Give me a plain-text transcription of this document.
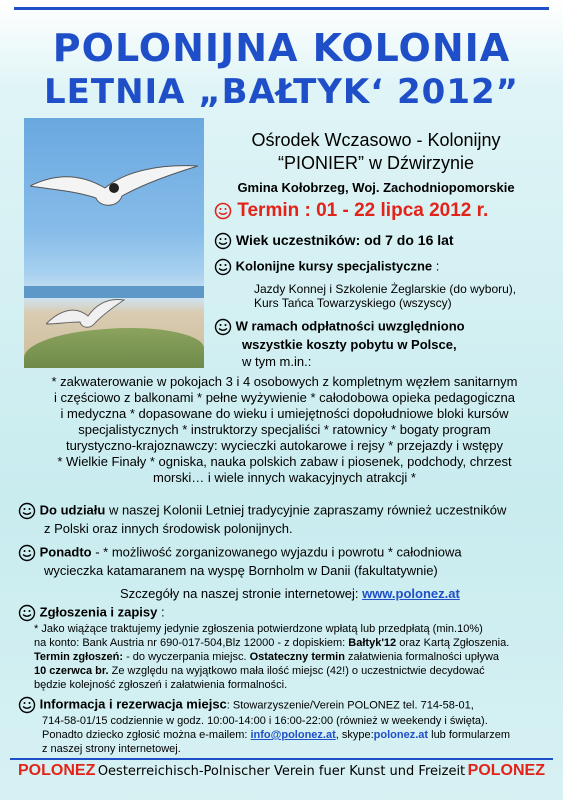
POLONIJNA KOLONIA
LETNIA „BAŁTYK‘ 2012”
Ośrodek Wczasowo - Kolonijny
“PIONIER” w Dźwirzynie
Gmina Kołobrzeg, Woj. Zachodniopomorskie
Termin : 01 - 22 lipca 2012 r.
Wiek uczestników: od 7 do 16 lat
Kolonijne kursy specjalistyczne :
Jazdy Konnej i Szkolenie Żeglarskie (do wyboru),
Kurs Tańca Towarzyskiego (wszyscy)
W ramach odpłatności uwzględniono
wszystkie koszty pobytu w Polsce,
w tym m.in.:
* zakwaterowanie w pokojach 3 i 4 osobowych z kompletnym węzłem sanitarnym
i częściowo z balkonami * pełne wyżywienie * całodobowa opieka pedagogiczna
i medyczna * dopasowane do wieku i umiejętności dopołudniowe bloki kursów
specjalistycznych * instruktorzy specjaliści * ratownicy * bogaty program
turystyczno-krajoznawczy: wycieczki autokarowe i rejsy * przejazdy i wstępy
* Wielkie Finały * ogniska, nauka polskich zabaw i piosenek, podchody, chrzest
morski… i wiele innych wakacyjnych atrakcji *
Do udziału w naszej Kolonii Letniej tradycyjnie zapraszamy również uczestników
z Polski oraz innych środowisk polonijnych.
Ponadto - * możliwość zorganizowanego wyjazdu i powrotu * całodniowa
wycieczka katamaranem na wyspę Bornholm w Danii (fakultatywnie)
Szczegóły na naszej stronie internetowej: www.polonez.at
Zgłoszenia i zapisy :
* Jako wiążące traktujemy jedynie zgłoszenia potwierdzone wpłatą lub przedpłatą (min.10%)
na konto: Bank Austria nr 690-017-504,Blz 12000 - z dopiskiem: Bałtyk'12 oraz Kartą Zgłoszenia.
Termin zgłoszeń: - do wyczerpania miejsc. Ostateczny termin załatwienia formalności upływa
10 czerwca br. Ze względu na wyjątkowo mała ilość miejsc (42!) o uczestnictwie decydować
będzie kolejność zgłoszeń i załatwienia formalności.
Informacja i rezerwacja miejsc: Stowarzyszenie/Verein POLONEZ tel. 714-58-01,
714-58-01/15 codziennie w godz. 10:00-14:00 i 16:00-22:00 (również w weekendy i święta).
Ponadto dziecko zgłosić można e-mailem: info@polonez.at, skype:polonez.at lub formularzem
z naszej strony internetowej.
POLONEZ Oesterreichisch-Polnischer Verein fuer Kunst und Freizeit POLONEZ
